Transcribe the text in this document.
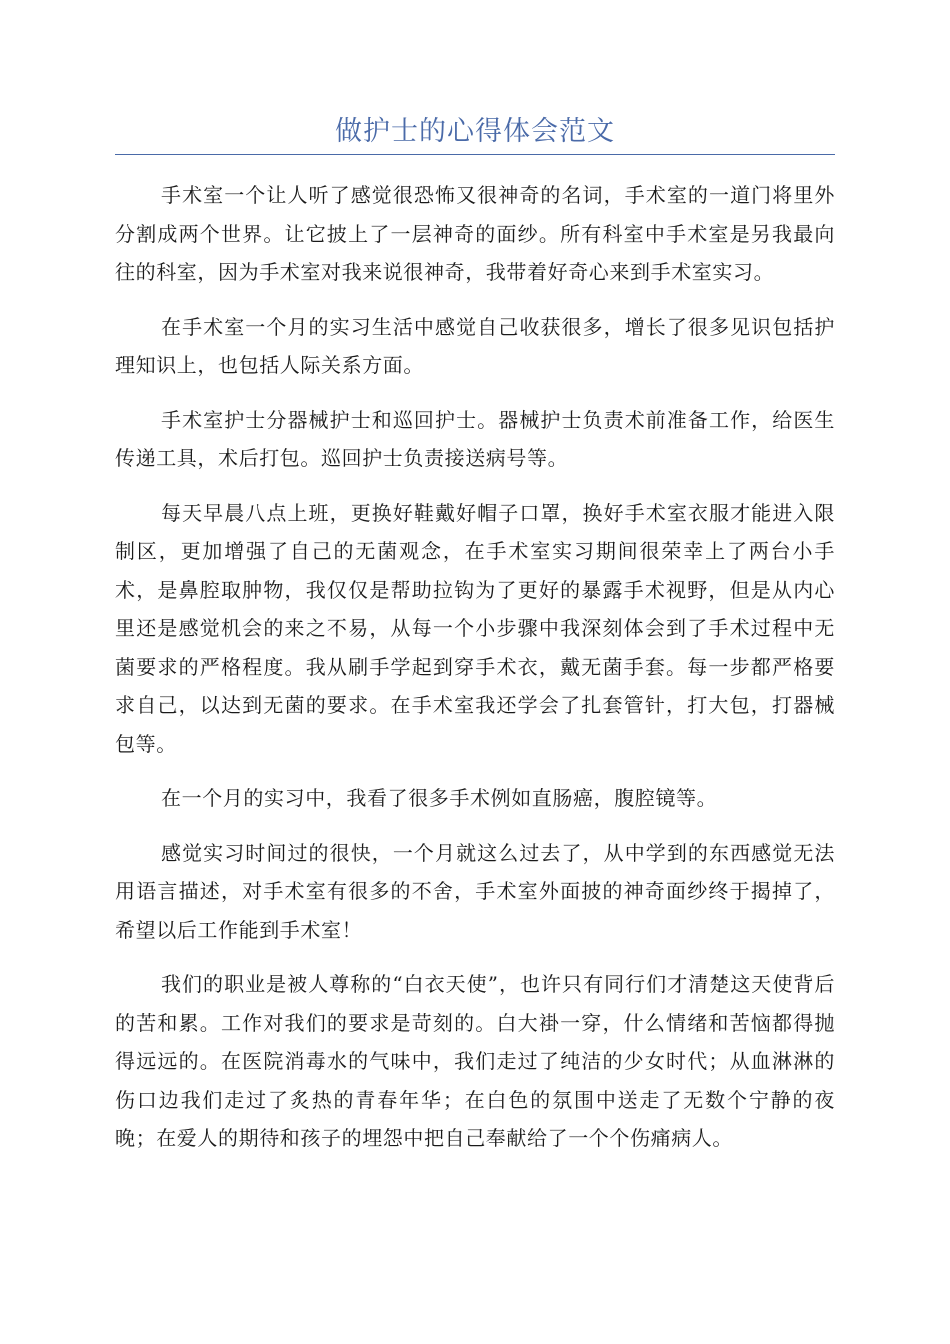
做护士的心得体会范文

手术室一个让人听了感觉很恐怖又很神奇的名词，手术室的一道门将里外分割成两个世界。让它披上了一层神奇的面纱。所有科室中手术室是另我最向往的科室，因为手术室对我来说很神奇，我带着好奇心来到手术室实习。

在手术室一个月的实习生活中感觉自己收获很多，增长了很多见识包括护理知识上，也包括人际关系方面。

手术室护士分器械护士和巡回护士。器械护士负责术前准备工作，给医生传递工具，术后打包。巡回护士负责接送病号等。

每天早晨八点上班，更换好鞋戴好帽子口罩，换好手术室衣服才能进入限制区，更加增强了自己的无菌观念，在手术室实习期间很荣幸上了两台小手术，是鼻腔取肿物，我仅仅是帮助拉钩为了更好的暴露手术视野，但是从内心里还是感觉机会的来之不易，从每一个小步骤中我深刻体会到了手术过程中无菌要求的严格程度。我从刷手学起到穿手术衣，戴无菌手套。每一步都严格要求自己，以达到无菌的要求。在手术室我还学会了扎套管针，打大包，打器械包等。

在一个月的实习中，我看了很多手术例如直肠癌，腹腔镜等。

感觉实习时间过的很快，一个月就这么过去了，从中学到的东西感觉无法用语言描述，对手术室有很多的不舍，手术室外面披的神奇面纱终于揭掉了，希望以后工作能到手术室！

我们的职业是被人尊称的“白衣天使”，也许只有同行们才清楚这天使背后的苦和累。工作对我们的要求是苛刻的。白大褂一穿，什么情绪和苦恼都得抛得远远的。在医院消毒水的气味中，我们走过了纯洁的少女时代；从血淋淋的伤口边我们走过了炙热的青春年华；在白色的氛围中送走了无数个宁静的夜晚；在爱人的期待和孩子的埋怨中把自己奉献给了一个个伤痛病人。
